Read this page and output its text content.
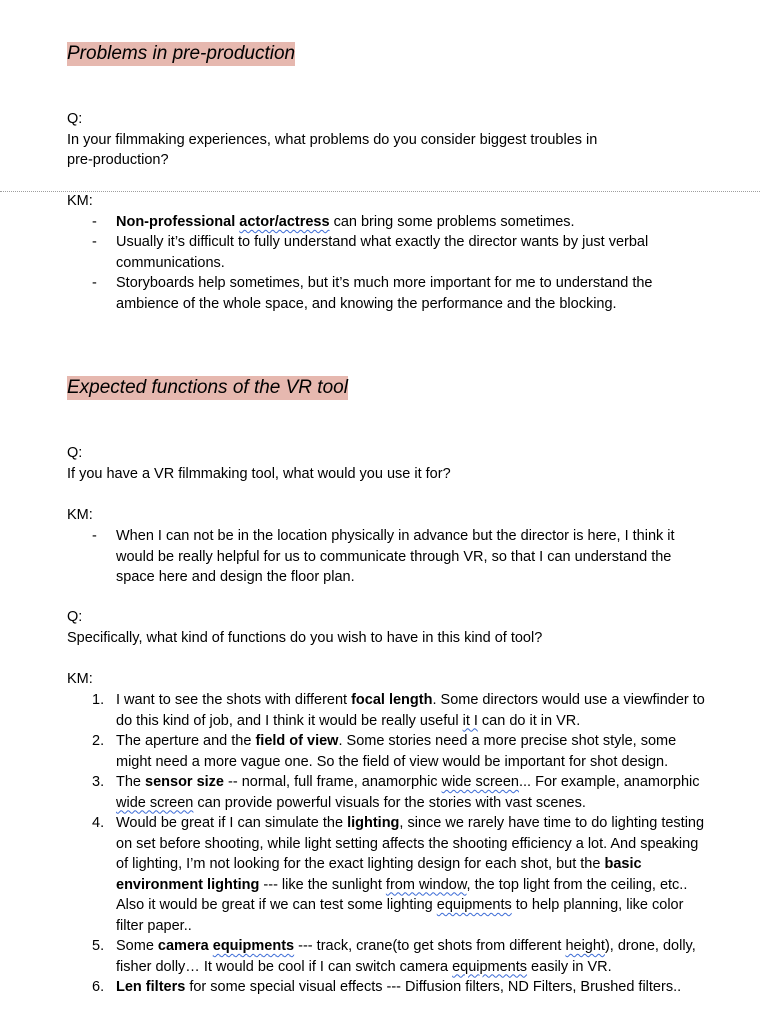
Problems in pre-production
Q:
In your filmmaking experiences, what problems do you consider biggest troubles in
pre-production?
KM:
-	Non-professional actor/actress can bring some problems sometimes.
-	Usually it’s difficult to fully understand what exactly the director wants by just verbal communications.
-	Storyboards help sometimes, but it’s much more important for me to understand the ambience of the whole space, and knowing the performance and the blocking.
Expected functions of the VR tool
Q:
If you have a VR filmmaking tool, what would you use it for?
KM:
-	When I can not be in the location physically in advance but the director is here, I think it would be really helpful for us to communicate through VR, so that I can understand the space here and design the floor plan.
Q:
Specifically, what kind of functions do you wish to have in this kind of tool?
KM:
1. I want to see the shots with different focal length. Some directors would use a viewfinder to do this kind of job, and I think it would be really useful it I can do it in VR.
2. The aperture and the field of view. Some stories need a more precise shot style, some might need a more vague one. So the field of view would be important for shot design.
3. The sensor size -- normal, full frame, anamorphic wide screen... For example, anamorphic wide screen can provide powerful visuals for the stories with vast scenes.
4. Would be great if I can simulate the lighting, since we rarely have time to do lighting testing on set before shooting, while light setting affects the shooting efficiency a lot. And speaking of lighting, I’m not looking for the exact lighting design for each shot, but the basic environment lighting --- like the sunlight from window, the top light from the ceiling, etc.. Also it would be great if we can test some lighting equipments to help planning, like color filter paper..
5. Some camera equipments --- track, crane(to get shots from different height), drone, dolly, fisher dolly… It would be cool if I can switch camera equipments easily in VR.
6. Len filters for some special visual effects --- Diffusion filters, ND Filters, Brushed filters..
